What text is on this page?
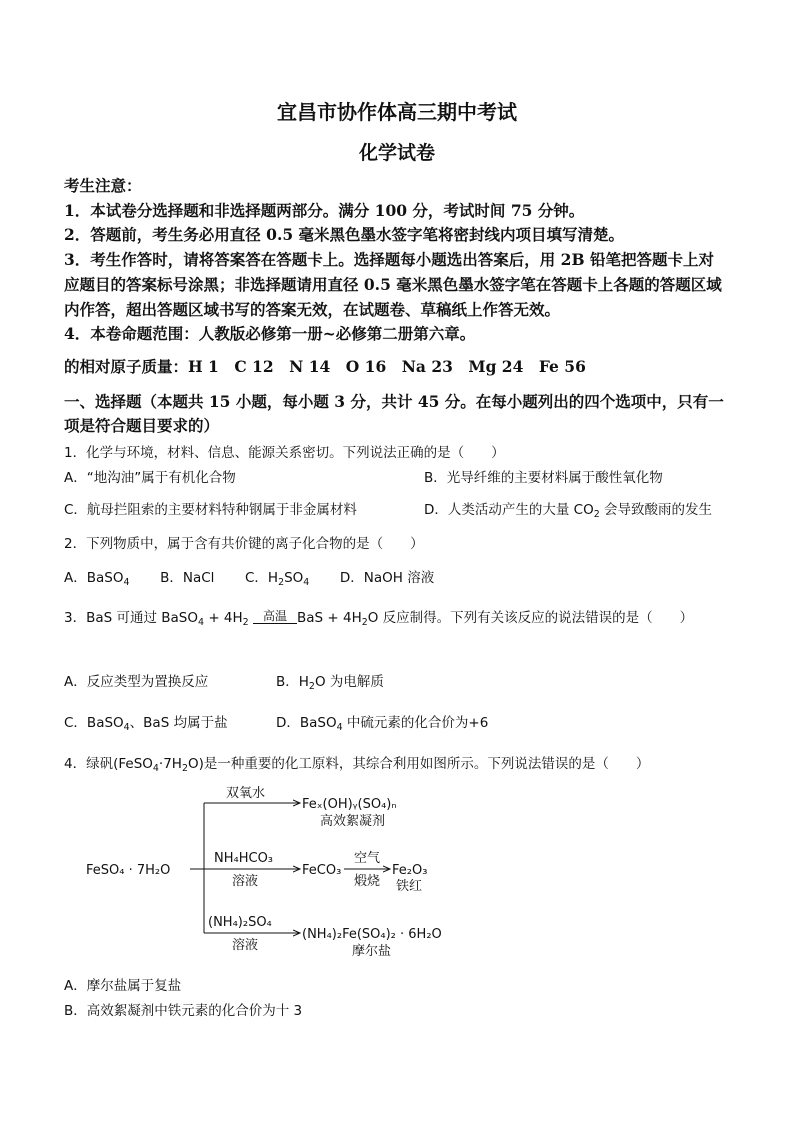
宜昌市协作体高三期中考试
化学试卷
考生注意：
1．本试卷分选择题和非选择题两部分。满分 100 分，考试时间 75 分钟。
2．答题前，考生务必用直径 0.5 毫米黑色墨水签字笔将密封线内项目填写清楚。
3．考生作答时，请将答案答在答题卡上。选择题每小题选出答案后，用 2B 铅笔把答题卡上对
应题目的答案标号涂黑；非选择题请用直径 0.5 毫米黑色墨水签字笔在答题卡上各题的答题区域
内作答，超出答题区域书写的答案无效，在试题卷、草稿纸上作答无效。
4．本卷命题范围：人教版必修第一册~必修第二册第六章。
的相对原子质量：H 1　C 12　N 14　O 16　Na 23　Mg 24　Fe 56
一、选择题（本题共 15 小题，每小题 3 分，共计 45 分。在每小题列出的四个选项中，只有一
项是符合题目要求的）
1．化学与环境，材料、信息、能源关系密切。下列说法正确的是（　　）
A．“地沟油”属于有机化合物	B．光导纤维的主要材料属于酸性氧化物
C．航母拦阻索的主要材料特种钢属于非金属材料	D．人类活动产生的大量 $CO_2$ 会导致酸雨的发生
2．下列物质中，属于含有共价键的离子化合物的是（　　）
A．BaSO$_4$ B．NaCl C．$H_2SO_4$ D．NaOH 溶液
3．BaS 可通过 BaSO$_4$ + $4H_2$	高温 BaS + $4H_2O$ 反应制得。下列有关该反应的说法错误的是（　　）
A．反应类型为置换反应	B．$H_2O$ 为电解质
C．BaSO$_4$、BaS 均属于盐	D．BaSO$_4$ 中硫元素的化合价为+6
4．绿矾$(FeSO_4\cdot 7H_2O)$是一种重要的化工原料，其综合利用如图所示。下列说法错误的是（　　）
FeSO₄ · 7H₂O
双氧水
Feₓ(OH)ᵧ(SO₄)ₙ
高效絮凝剂
NH₄HCO₃
溶液
FeCO₃
空气
煅烧
Fe₂O₃
铁红
(NH₄)₂SO₄
溶液
(NH₄)₂Fe(SO₄)₂ · 6H₂O
摩尔盐
A．摩尔盐属于复盐
B．高效絮凝剂中铁元素的化合价为十 3
